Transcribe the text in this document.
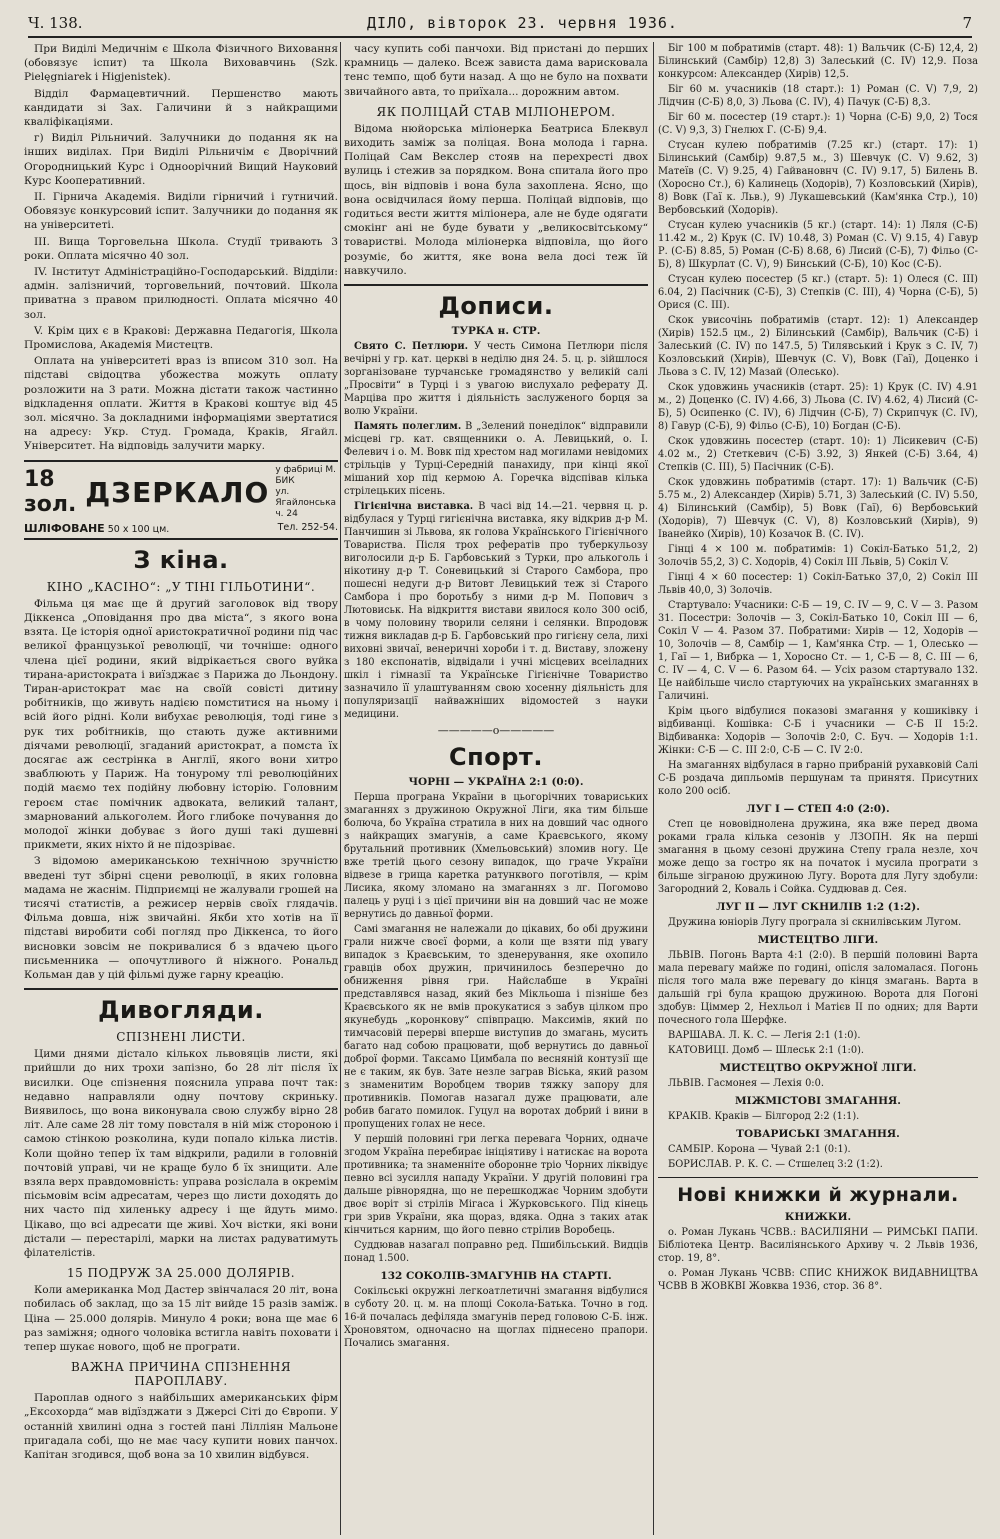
Ч. 138.	ДІЛО, вівторок 23. червня 1936.	7

При Виділі Медичнім є Школа Фізичного Виховання (обовязує іспит) та Школа Виховавчинь (Szk. Pielęgniarek i Higjenistek).

Відділ Фармацевтичний. Першенство мають кандидати зі Зах. Галичини й з найкращими кваліфікаціями.

г) Виділ Рільничий. Залучники до подання як на інших виділах. При Виділі Рільничім є Дворічний Огородницький Курс і Одноорічний Вищий Науковий Курс Кооперативний.

II. Гірнича Академія. Виділи гірничий і гутничий. Обовязує конкурсовий іспит. Залучники до подання як на університеті.

III. Вища Торговельна Школа. Студії тривають 3 роки. Оплата місячно 40 зол.

IV. Інститут Адміністраційно-Господарський. Відділи: адмін. залізничий, торговельний, почтовий. Школа приватна з правом прилюдності. Оплата місячно 40 зол.

V. Крім цих є в Кракові: Державна Педагогія, Школа Промислова, Академія Мистецтв.

Оплата на університеті враз із вписом 310 зол. На підставі свідоцтва убожества можуть оплату розложити на 3 рати. Можна дістати також частинно відкладення оплати. Життя в Кракові коштує від 45 зол. місячно. За докладними інформаціями звертатися на адресу: Укр. Студ. Громада, Краків, Ягайл. Університет. На відповідь залучити марку.

18 зол. ДЗЕРКАЛО
у фабриці М. БИК
ул. Ягайлонська ч. 24
ШЛІФОВАНЕ 50 х 100 цм.	Тел. 252-54.
З кіна.
КІНО „КАСІНО“: „У ТІНІ ГІЛЬОТИНИ“.

Фільма ця має ще й другий заголовок від твору Діккенса „Оповідання про два міста“, з якого вона взята. Це історія одної аристократичної родини під час великої французької революції, чи точніше: одного члена цієї родини, який відрікається свого вуйка тирана-аристократа і виїзджає з Парижа до Льондону. Тиран-аристократ має на своїй совісті дитину робітників, що живуть надією помститися на ньому і всій його рідні. Коли вибухає революція, тоді гине з рук тих робітників, що стають дуже активними діячами революції, згаданий аристократ, а помста їх досягає аж сестрінка в Англії, якого вони хитро зваблюють у Париж. На тонурому тлі революційних подій маємо тех подійну любовну історію. Головним героєм стає помічник адвоката, великий талант, змарнований алькоголем. Його глибоке почування до молодої жінки добуває з його душі такі душевні прикмети, яких ніхто й не підозріває.

З відомою американською технічною зручністю введені тут збірні сцени революції, в яких головна мадама не жаснім. Підприємці не жалували грошей на тисячі статистів, а режисер нервів своїх глядачів. Фільма довша, ніж звичайні. Якби хто хотів на її підставі виробити собі погляд про Діккенса, то його висновки зовсім не покривалися б з вдачею цього письменника — опочутливого й ніжного. Рональд Кольман дав у цій фільмі дуже гарну креацію.

Дивогляди.
СПІЗНЕНІ ЛИСТИ.

Цими днями дістало кількох львовяців листи, які прийшли до них трохи запізно, бо 28 літ після їх висилки. Оце спізнення пояснила управа почт так: недавно направляли одну почтову скриньку. Виявилось, що вона виконувала свою службу вірно 28 літ. Але саме 28 літ тому повсталя в ній між стороною і самою стінкою розколина, куди попало кілька листів. Коли щойно тепер їх там відкрили, радили в головній почтовій управі, чи не краще було б їх знищити. Але взяла верх правдомовність: управа розіслала в окремім пісьмовім всім адресатам, через що листи доходять до них часто під хиленьку адресу і ще йдуть мимо. Цікаво, що всі адресати ще живі. Хоч вістки, які вони дістали — перестарілі, марки на листах радуватимуть філателістів.

15 ПОДРУЖ ЗА 25.000 ДОЛЯРІВ.

Коли американка Мод Дастер звінчалася 20 літ, вона побилась об заклад, що за 15 літ вийде 15 разів заміж. Ціна — 25.000 долярів. Минуло 4 роки; вона ще має 6 раз заміжня; одного чоловіка встигла навіть поховати і тепер шукає нового, щоб не програти.

ВАЖНА ПРИЧИНА СПІЗНЕННЯ ПАРОПЛАВУ.

Пароплав одного з найбільших американських фірм „Ексохорда“ мав відїзджати з Джерсі Сіті до Європи. У останній хвилині одна з гостей пані Лілліян Мальоне пригадала собі, що не має часу купити нових панчох. Капітан згодився, щоб вона за 10 хвилин відбувся.

часу купить собі панчохи. Від пристані до перших крамниць — далеко. Всеж зависта дама варисковала тенс темпо, щоб бути назад. А що не було на похвати звичайного авта, то приїхала... дорожним автом.

ЯК ПОЛІЦАЙ СТАВ МІЛІОНЕРОМ.

Відома нюйорська міліонерка Беатриса Блеквул виходить заміж за поліцая. Вона молода і гарна. Поліцай Сам Векслер стояв на перехресті двох вулиць і стежив за порядком. Вона спитала його про щось, він відповів і вона була захоплена. Ясно, що вона освідчилася йому перша. Поліцай відповів, що годиться вести життя міліонера, але не буде одягати смокінг ані не буде бувати у „великосвітському“ товаристві. Молода міліонерка відповіла, що його розуміє, бо життя, яке вона вела досі теж їй навкучило.

Дописи.
ТУРКА н. СТР.

Свято С. Петлюри. У честь Симона Петлюри після вечірні у гр. кат. церкві в неділю дня 24. 5. ц. р. зійшлося зорганізоване турчанське громадянство у великій салі „Просвіти“ в Турці і з увагою вислухало реферату Д. Марціва про життя і діяльність заслуженого борця за волю України.

Память полеглим. В „Зелений понеділок“ відправили місцеві гр. кат. священники о. А. Левицький, о. І. Фелевич і о. М. Вовк під хрестом над могилами невідомих стрільців у Турці-Середній панахиду, при кінці якої мішаний хор під кермою А. Горечка відспівав кілька стрілецьких пісень.

Гігієнічна виставка. В часі від 14.—21. червня ц. р. відбулася у Турці гигієнічна виставка, яку відкрив д-р М. Панчишин зі Львова, як голова Українського Гігієнічного Товариства. Після трох рефератів про туберкульозу виголосили д-р Б. Гарбовський з Турки, про алькоголь і нікотину д-р Т. Соневицький зі Старого Самбора, про пошесні недуги д-р Витовт Левицький теж зі Старого Самбора і про боротьбу з ними д-р М. Попович з Лютовиськ. На відкриття вистави явилося коло 300 осіб, в чому половину творили селяни і селянки. Впродовж тижня викладав д-р Б. Гарбовський про гигієну села, лихі виховні звичаї, венеричні хороби і т. д. Виставу, зложену з 180 експонатів, відвідали і учні місцевих всеіладних шкіл і гімназії та Українське Гігієнічне Товариство зазначило її улаштуванням свою хосенну діяльність для популяризації найважніших відомостей з науки медицини.

—————o—————
Спорт.
ЧОРНІ — УКРАЇНА 2:1 (0:0).

Перша програна України в цьогорічних товариських змаганнях з дружиною Окружної Ліги, яка тим більше болюча, бо Україна стратила в них на довший час одного з найкращих змагунів, а саме Краєвського, якому брутальний противник (Хмельовський) зломив ногу. Це вже третій цього сезону випадок, що граче України відвезе в грища каретка ратунквого поготівля, — крім Лисика, якому зломано на змаганнях з лг. Погомово палець у руці і з цієї причини він на довший час не може вернутись до давньої форми.

Самі змагання не належали до цікавих, бо обі дружини грали нижче своєї форми, а коли ще взяти під увагу випадок з Краєвським, то зденерування, яке охопило гравців обох дружин, причинилось безперечно до обниження рівня гри. Найслабше в Україні представлявся назад, який без Мікльоша і пізніше без Краєвського як не вмів прокукатися з забув цілком про якунебудь „коронкову“ співпрацю. Максимів, який по тимчасовій перерві вперше виступив до змагань, мусить багато над собою працювати, щоб вернутись до давньої доброї форми. Таксамо Цимбала по весняній контузії ще не є таким, як був. Затe незле заграв Віська, який разом з знаменитим Воробцем творив тяжку запору для противників. Помогав назагал дуже працювати, але робив багато помилок. Гуцул на воротах добрий і вини в пропущених голах не несе.

У першій половині гри легка перевага Чорних, одначе згодом Україна перебирає ініціятиву і натискає на ворота противника; та знаменніте оборонне тріо Чорних ліквідує певно всі зусилля нападу України. У другій половині гра дальше рівнорядна, що не перешкоджає Чорним здобути двоє воріт зі стрілів Мігаса і Журковського. Під кінець гри зрив України, яка щораз, вдяка. Одна з таких атак кінчиться карним, що його певно стрілив Воробець.

Суддював назагал поправно ред. Пшибільський. Видців понад 1.500.

132 СОКОЛІВ-ЗМАГУНІВ НА СТАРТІ.

Сокільські окружні легкоатлетичні змагання відбулися в суботу 20. ц. м. на площі Сокола-Батька. Точно в год. 16-й почалась дефіляда змагунів перед головою С-Б. інж. Хроновятом, одночасно на щоглах піднесено прапори. Почались змагання.

Біг 100 м побратимів (старт. 48): 1) Вальчик (С-Б) 12,4, 2) Білинський (Самбір) 12,8) 3) Залеський (С. IV) 12,9. Поза конкурсом: Александер (Хирів) 12,5.

Біг 60 м. учасників (18 старт.): 1) Роман (С. V) 7,9, 2) Лідчин (С-Б) 8,0, 3) Льова (С. IV), 4) Пачук (С-Б) 8,3.

Біг 60 м. посестер (19 старт.): 1) Чорна (С-Б) 9,0, 2) Тося (С. V) 9,3, 3) Гнелюх Г. (С-Б) 9,4.

Стусан кулею побратимів (7.25 кг.) (старт. 17): 1) Білинський (Самбір) 9.87,5 м., 3) Шевчук (С. V) 9.62, 3) Матеїв (С. V) 9.25, 4) Гайвановнч (С. IV) 9.17, 5) Билень В. (Хоросно Ст.), 6) Калинець (Ходорів), 7) Козловський (Хирів), 8) Вовк (Гаї к. Льв.), 9) Лукашевський (Кам'янка Стр.), 10) Вербовський (Ходорів).

Стусан кулею учасників (5 кг.) (старт. 14): 1) Ляля (С-Б) 11.42 м., 2) Крук (С. IV) 10.48, 3) Роман (С. V) 9.15, 4) Гавур Р. (С-Б) 8.85, 5) Роман (С-Б) 8.68, 6) Лисий (С-Б), 7) Фільо (С-Б), 8) Шкурлат (С. V), 9) Бинський (С-Б), 10) Кос (С-Б).

Стусан кулею посестер (5 кг.) (старт. 5): 1) Олеся (С. III) 6.04, 2) Пасічник (С-Б), 3) Степків (С. III), 4) Чорна (С-Б), 5) Орися (С. III).

Скок увисочінь побратимів (старт. 12): 1) Александер (Хирів) 152.5 цм., 2) Білинський (Самбір), Вальчик (С-Б) і Залеський (С. IV) по 147.5, 5) Тилявський і Крук з С. IV, 7) Козловський (Хирів), Шевчук (С. V), Вовк (Гаї), Доценко і Льова з С. IV, 12) Мазай (Олесько).

Скок удовжинь учасників (старт. 25): 1) Крук (С. IV) 4.91 м., 2) Доценко (С. IV) 4.66, 3) Льова (С. IV) 4.62, 4) Лисий (С-Б), 5) Осипенко (С. IV), 6) Лідчин (С-Б), 7) Скрипчук (С. IV), 8) Гавур (С-Б), 9) Фільо (С-Б), 10) Богдан (С-Б).

Скок удовжинь посестер (старт. 10): 1) Лісикевич (С-Б) 4.02 м., 2) Стеткевич (С-Б) 3.92, 3) Янкей (С-Б) 3.64, 4) Степків (С. III), 5) Пасічник (С-Б).

Скок удовжинь побратимів (старт. 17): 1) Вальчик (С-Б) 5.75 м., 2) Александер (Хирів) 5.71, 3) Залеський (С. IV) 5.50, 4) Білинський (Самбір), 5) Вовк (Гаї), 6) Вербовський (Ходорів), 7) Шевчук (С. V), 8) Козловський (Хирів), 9) Іванейко (Хирів), 10) Козачок В. (С. IV).

Гінці 4 × 100 м. побратимів: 1) Сокіл-Батько 51,2, 2) Золочів 55,2, 3) С. Ходорів, 4) Сокіл III Львів, 5) Сокіл V.

Гінці 4 × 60 посестер: 1) Сокіл-Батько 37,0, 2) Сокіл III Львів 40,0, 3) Золочів.

Стартувало: Учасники: С-Б — 19, С. IV — 9, С. V — 3. Разом 31. Посестри: Золочів — 3, Сокіл-Батько 10, Сокіл III — 6, Сокіл V — 4. Разом 37. Побратими: Хирів — 12, Ходорів — 10, Золочів — 8, Самбір — 1, Кам'янка Стр. — 1, Олесько — 1, Гаї — 1, Вибрка — 1, Хоросно Ст. — 1, С-Б — 8, С. III — 6, С. IV — 4, С. V — 6. Разом 64. — Усіх разом стартувало 132. Це найбільше число стартуючих на українських змаганнях в Галичині.

Крім цього відбулися показові змагання у кошиківку і відбиванці. Кошівка: С-Б і учасники — С-Б II 15:2. Відбиванка: Ходорів — Золочів 2:0, С. Буч. — Ходорів 1:1. Жінки: С-Б — С. III 2:0, С-Б — С. IV 2:0.

На змаганнях відбулася в гарно прибраній рухавковій Салі С-Б роздача дипльомів першунам та принятя. Присутних коло 200 осіб.

ЛУГ I — СТЕП 4:0 (2:0).

Степ це нововіднолена дружина, яка вже перед двома роками грала кілька сезонів у ЛЗОПН. Як на перші змагання в цьому сезоні дружина Степу грала незле, хоч може дещо за гостро як на початок і мусила програти з більше зіграною дружиною Лугу. Ворота для Лугу здобули: Загородний 2, Коваль і Сойка. Суддював д. Сея.

ЛУГ II — ЛУГ СКНИЛІВ 1:2 (1:2).

Дружина юніорів Лугу програла зі скнилівським Лугом.

МИСТЕЦТВО ЛІГИ.

ЛЬВІВ. Погонь Варта 4:1 (2:0). В першій половині Варта мала перевагу майже по годині, опісля заломалася. Погонь після того мала вже перевагу до кінця змагань. Варта в дальшій грі була кращою дружиною. Ворота для Погоні здобув: Ціммер 2, Нехльол і Матієв II по одних; для Варти почесного гола Шерфке.

ВАРШАВА. Л. К. С. — Легія 2:1 (1:0).

КАТОВИЦІ. Домб — Шлеськ 2:1 (1:0).

МИСТЕЦТВО ОКРУЖНОЇ ЛІГИ.

ЛЬВІВ. Гасмонея — Лехія 0:0.

МІЖМІСТОВІ ЗМАГАННЯ.

КРАКІВ. Краків — Білгород 2:2 (1:1).

ТОВАРИСЬКІ ЗМАГАННЯ.

САМБІР. Корона — Чувай 2:1 (0:1).

БОРИСЛАВ. Р. К. С. — Стшелец 3:2 (1:2).

Нові книжки й журнали.
КНИЖКИ.

о. Роман Лукань ЧСВВ.: ВАСИЛІЯНИ — РИМСЬКІ ПАПИ. Бібліотека Центр. Василіянського Архиву ч. 2 Львів 1936, стор. 19, 8°.

о. Роман Лукань ЧСВВ: СПИС КНИЖОК ВИДАВНИЦТВА ЧСВВ В ЖОВКВІ Жовква 1936, стор. 36 8°.
